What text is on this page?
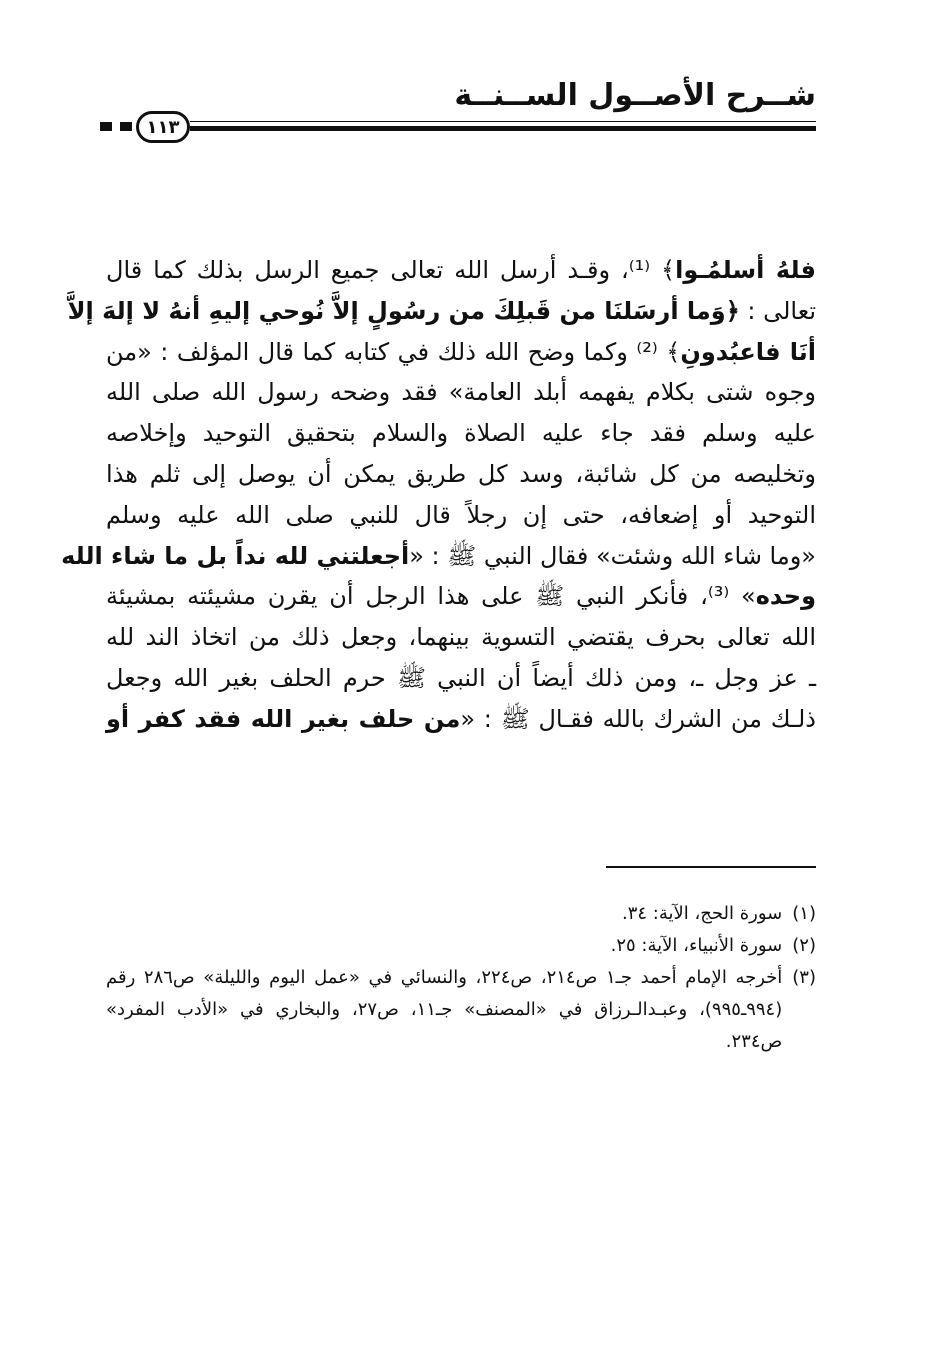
شــرح الأصــول الســنــة
١١٣
فلهُ أسلمُـوا﴾ ⁽¹⁾، وقـد أرسل الله تعالى جميع الرسل بذلك كما قال
تعالى : ﴿وَما أرسَلنَا من قَبلِكَ من رسُولٍ إلاَّ نُوحي إليهِ أنهُ لا إلهَ إلاَّ
أنَا فاعبُدونِ﴾ ⁽²⁾ وكما وضح الله ذلك في كتابه كما قال المؤلف : «من
وجوه شتى بكلام يفهمه أبلد العامة» فقد وضحه رسول الله صلى الله
عليه وسلم فقد جاء عليه الصلاة والسلام بتحقيق التوحيد وإخلاصه
وتخليصه من كل شائبة، وسد كل طريق يمكن أن يوصل إلى ثلم هذا
التوحيد أو إضعافه، حتى إن رجلاً قال للنبي صلى الله عليه وسلم
«وما شاء الله وشئت» فقال النبي ﷺ : «أجعلتني لله نداً بل ما شاء الله
وحده» ⁽³⁾، فأنكر النبي ﷺ على هذا الرجل أن يقرن مشيئته بمشيئة
الله تعالى بحرف يقتضي التسوية بينهما، وجعل ذلك من اتخاذ الند لله
ـ عز وجل ـ، ومن ذلك أيضاً أن النبي ﷺ حرم الحلف بغير الله وجعل
ذلـك من الشرك بالله فقـال ﷺ : «من حلف بغير الله فقد كفر أو
(١)
سورة الحج، الآية: ٣٤.
(٢)
سورة الأنبياء، الآية: ٢٥.
(٣)
أخرجه الإمام أحمد جـ١ ص٢١٤، ص٢٢٤، والنسائي في «عمل اليوم والليلة» ص٢٨٦ رقم
(٩٩٤ـ٩٩٥)، وعبـدالـرزاق في «المصنف» جـ١١، ص٢٧، والبخاري في «الأدب المفرد»
ص٢٣٤.
